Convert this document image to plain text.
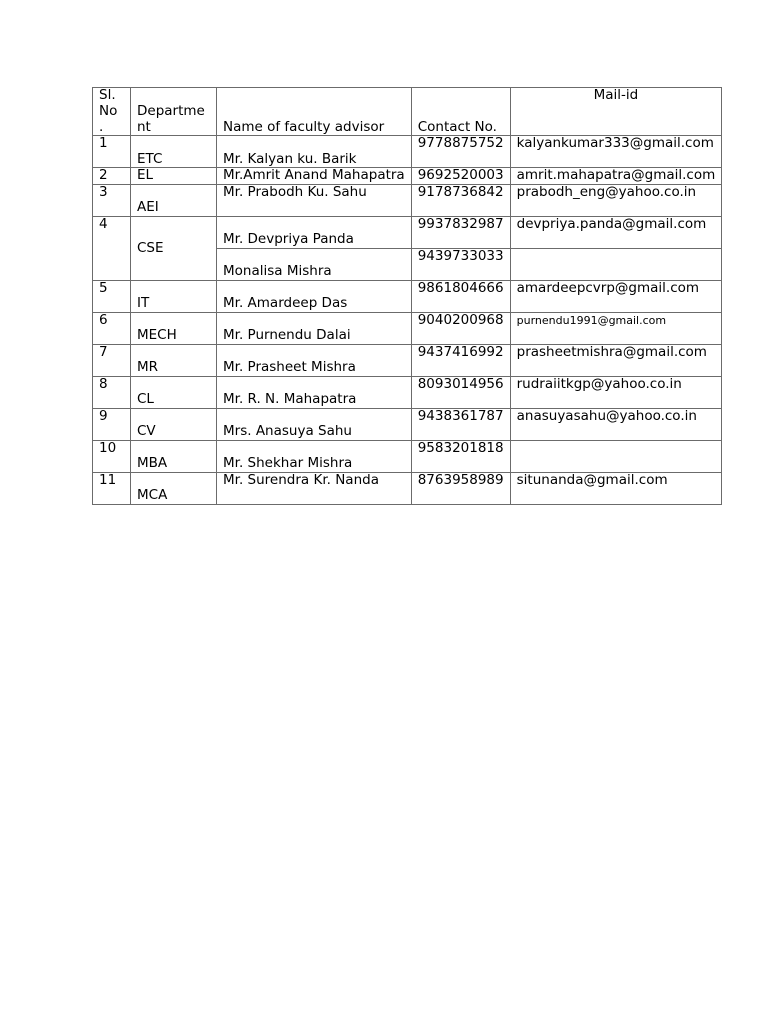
Sl. No .	Department	Name of faculty advisor	Contact No.	Mail-id
1	ETC	Mr. Kalyan ku. Barik	9778875752	kalyankumar333@gmail.com
2	EL	Mr.Amrit Anand Mahapatra	9692520003	amrit.mahapatra@gmail.com
3	AEI	Mr. Prabodh Ku. Sahu	9178736842	prabodh_eng@yahoo.co.in
4	CSE	Mr. Devpriya Panda	9937832987	devpriya.panda@gmail.com
		Monalisa Mishra	9439733033	
5	IT	Mr. Amardeep Das	9861804666	amardeepcvrp@gmail.com
6	MECH	Mr. Purnendu Dalai	9040200968	purnendu1991@gmail.com
7	MR	Mr. Prasheet Mishra	9437416992	prasheetmishra@gmail.com
8	CL	Mr. R. N. Mahapatra	8093014956	rudraiitkgp@yahoo.co.in
9	CV	Mrs. Anasuya Sahu	9438361787	anasuyasahu@yahoo.co.in
10	MBA	Mr. Shekhar Mishra	9583201818	
11	MCA	Mr. Surendra Kr. Nanda	8763958989	situnanda@gmail.com
